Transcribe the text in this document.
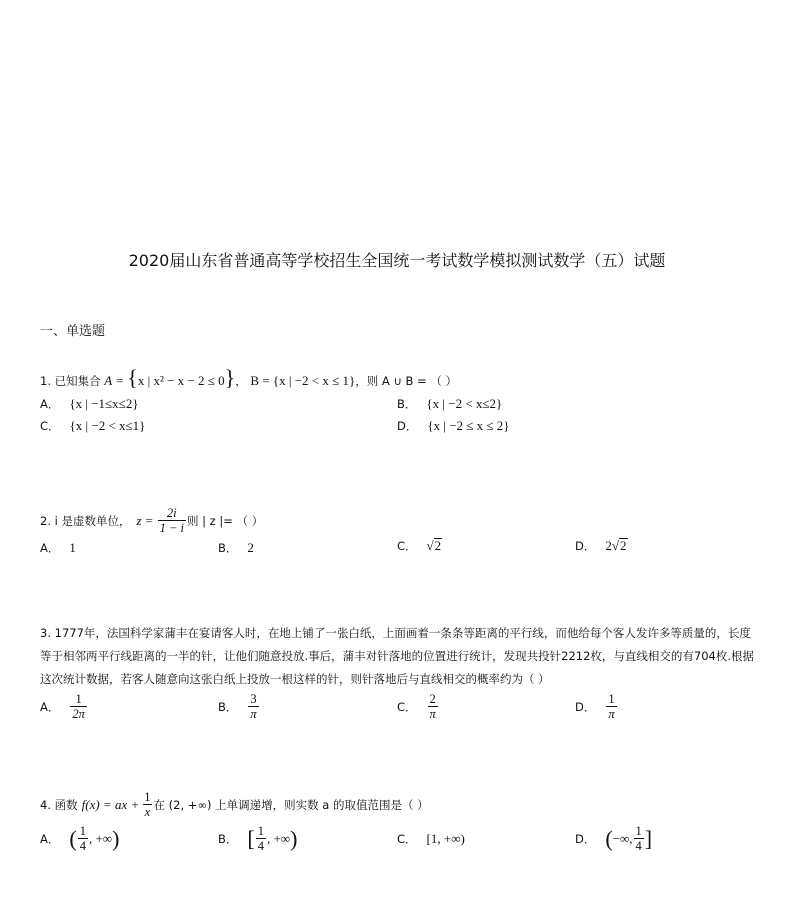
2020届山东省普通高等学校招生全国统一考试数学模拟测试数学（五）试题
一、单选题
1. 已知集合 A = {x | x² − x − 2 ≤ 0}， B = {x | −2 < x ≤ 1}，则 A ∪ B = （ ）
A． {x | −1≤x≤2}	B． {x | −2 < x≤2}
C． {x | −2 < x≤1}	D． {x | −2 ≤ x ≤ 2}
2. i 是虚数单位， $z = \frac{2i}{1 - i}$ 则 | z |= （ ）
A． 1	B． 2	C． √ 2	D． 2 √ 2
3. 1777年，法国科学家蒲丰在宴请客人时，在地上铺了一张白纸，上面画着一条条等距离的平行线，而他给每个客人发许多等质量的，长度等于相邻两平行线距离的一半的针，让他们随意投放.事后，蒲丰对针落地的位置进行统计，发现共投针2212枚，与直线相交的有704枚.根据这次统计数据，若客人随意向这张白纸上投放一根这样的针，则针落地后与直线相交的概率约为（ ）
A． $\frac{1}{2\pi}$	B． $\frac{3}{\pi}$	C． $\frac{2}{\pi}$	D． $\frac{1}{\pi}$
4. 函数 f(x) = ax + $\frac{1}{x}$ 在 (2, +∞) 上单调递增，则实数 a 的取值范围是（ ）
A． ( $\frac{1}{4}$ , +∞ )	B． [ $\frac{1}{4}$ , +∞ )	C． [1, +∞)	D． ( −∞, $\frac{1}{4}$ ]
